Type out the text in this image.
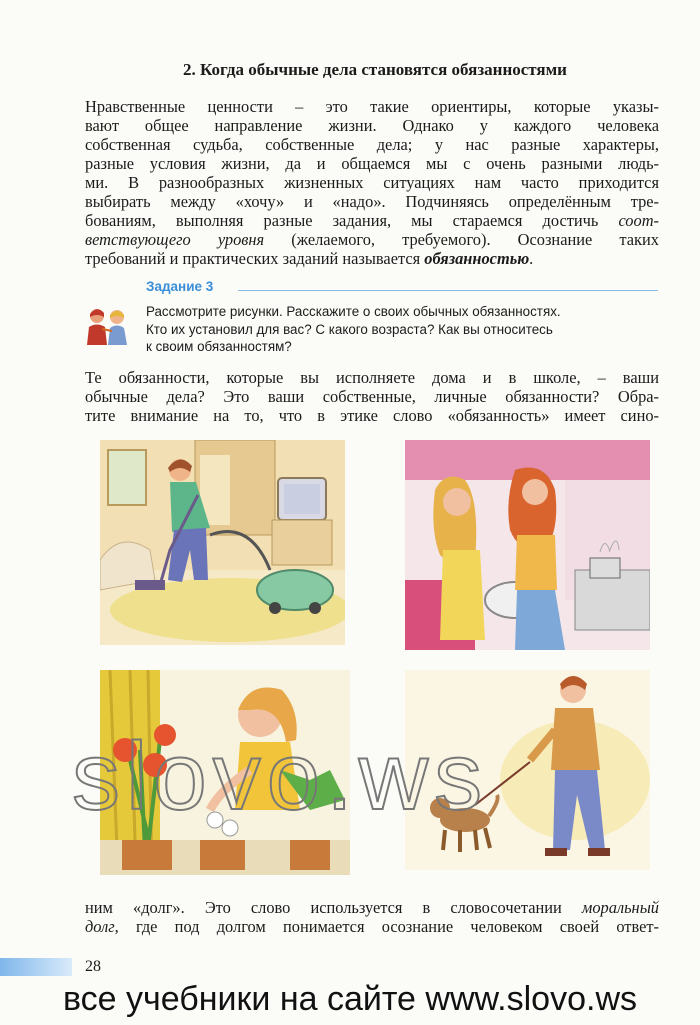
2. Когда обычные дела становятся обязанностями

Нравственные ценности – это такие ориентиры, которые указы-
вают общее направление жизни. Однако у каждого человека
собственная судьба, собственные дела; у нас разные характеры,
разные условия жизни, да и общаемся мы с очень разными людь-
ми. В разнообразных жизненных ситуациях нам часто приходится
выбирать между «хочу» и «надо». Подчиняясь определённым тре-
бованиям, выполняя разные задания, мы стараемся достичь соот-
ветствующего уровня (желаемого, требуемого). Осознание таких
требований и практических заданий называется обязанностью.

Задание 3
Рассмотрите рисунки. Расскажите о своих обычных обязанностях.
Кто их установил для вас? С какого возраста? Как вы относитесь
к своим обязанностям?

Те обязанности, которые вы исполняете дома и в школе, – ваши
обычные дела? Это ваши собственные, личные обязанности? Обра-
тите внимание на то, что в этике слово «обязанность» имеет сино-

ним «долг». Это слово используется в словосочетании моральный
долг, где под долгом понимается осознание человеком своей ответ-

28
все учебники на сайте www.slovo.ws
